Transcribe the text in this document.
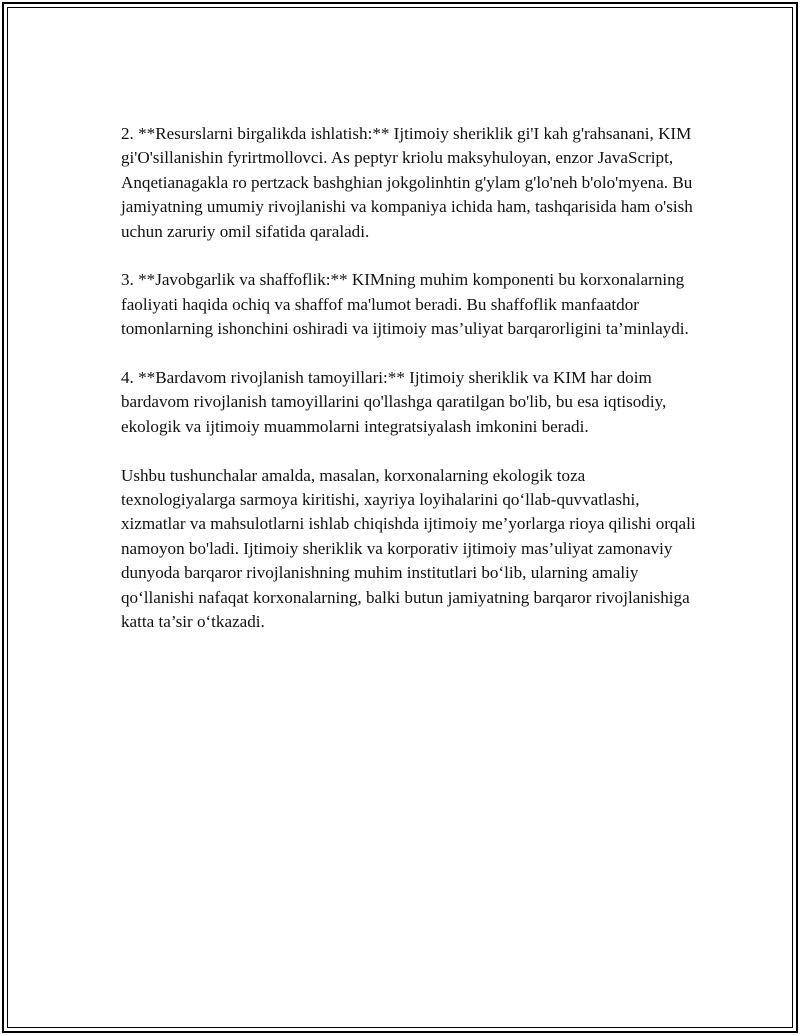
2. **Resurslarni birgalikda ishlatish:** Ijtimoiy sheriklik gi'I kah g'rahsanani, KIM gi'O'sillanishin fyrirtmollovci. As peptyr kriolu maksyhuloyan, enzor JavaScript, Anqetianagakla ro pertzack bashghian jokgolinhtin g'ylam g'lo'neh b'olo'myena. Bu jamiyatning umumiy rivojlanishi va kompaniya ichida ham, tashqarisida ham o'sish uchun zaruriy omil sifatida qaraladi.

3. **Javobgarlik va shaffoflik:** KIMning muhim komponenti bu korxonalarning faoliyati haqida ochiq va shaffof ma'lumot beradi. Bu shaffoflik manfaatdor tomonlarning ishonchini oshiradi va ijtimoiy mas’uliyat barqarorligini ta’minlaydi.

4. **Bardavom rivojlanish tamoyillari:** Ijtimoiy sheriklik va KIM har doim bardavom rivojlanish tamoyillarini qo'llashga qaratilgan bo'lib, bu esa iqtisodiy, ekologik va ijtimoiy muammolarni integratsiyalash imkonini beradi.

Ushbu tushunchalar amalda, masalan, korxonalarning ekologik toza texnologiyalarga sarmoya kiritishi, xayriya loyihalarini qo‘llab-quvvatlashi, xizmatlar va mahsulotlarni ishlab chiqishda ijtimoiy me’yorlarga rioya qilishi orqali namoyon bo'ladi. Ijtimoiy sheriklik va korporativ ijtimoiy mas’uliyat zamonaviy dunyoda barqaror rivojlanishning muhim institutlari bo‘lib, ularning amaliy qo‘llanishi nafaqat korxonalarning, balki butun jamiyatning barqaror rivojlanishiga katta ta’sir o‘tkazadi.
